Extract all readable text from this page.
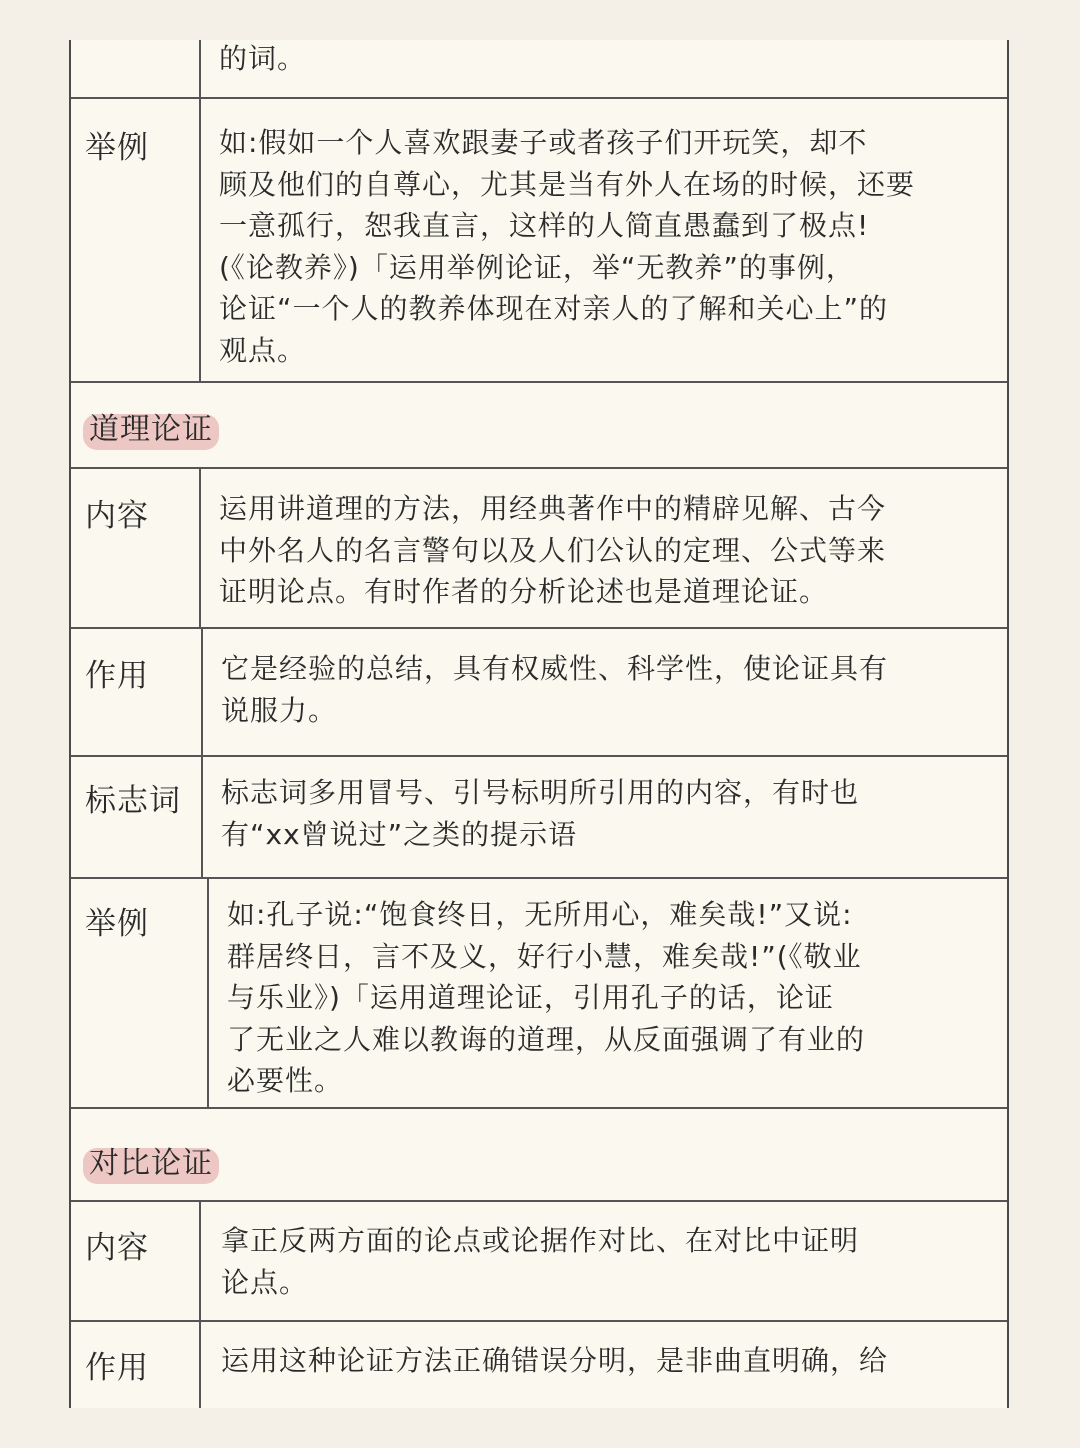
的词。
举例	如:假如一个人喜欢跟妻子或者孩子们开玩笑，却不
顾及他们的自尊心，尤其是当有外人在场的时候，还要
一意孤行，恕我直言，这样的人简直愚蠢到了极点!
(《论教养》)「运用举例论证，举“无教养”的事例，
论证“一个人的教养体现在对亲人的了解和关心上”的
观点。
道理论证
内容	运用讲道理的方法，用经典著作中的精辟见解、古今
中外名人的名言警句以及人们公认的定理、公式等来
证明论点。有时作者的分析论述也是道理论证。
作用	它是经验的总结，具有权威性、科学性，使论证具有
说服力。
标志词 标志词多用冒号、引号标明所引用的内容，有时也
有“xx曾说过”之类的提示语
举例	如:孔子说:“饱食终日，无所用心，难矣哉!”又说:
群居终日，言不及义，好行小慧，难矣哉!”(《敬业
与乐业》)「运用道理论证，引用孔子的话，论证
了无业之人难以教诲的道理，从反面强调了有业的
必要性。
对比论证
内容	拿正反两方面的论点或论据作对比、在对比中证明
论点。
作用	运用这种论证方法正确错误分明，是非曲直明确，给
